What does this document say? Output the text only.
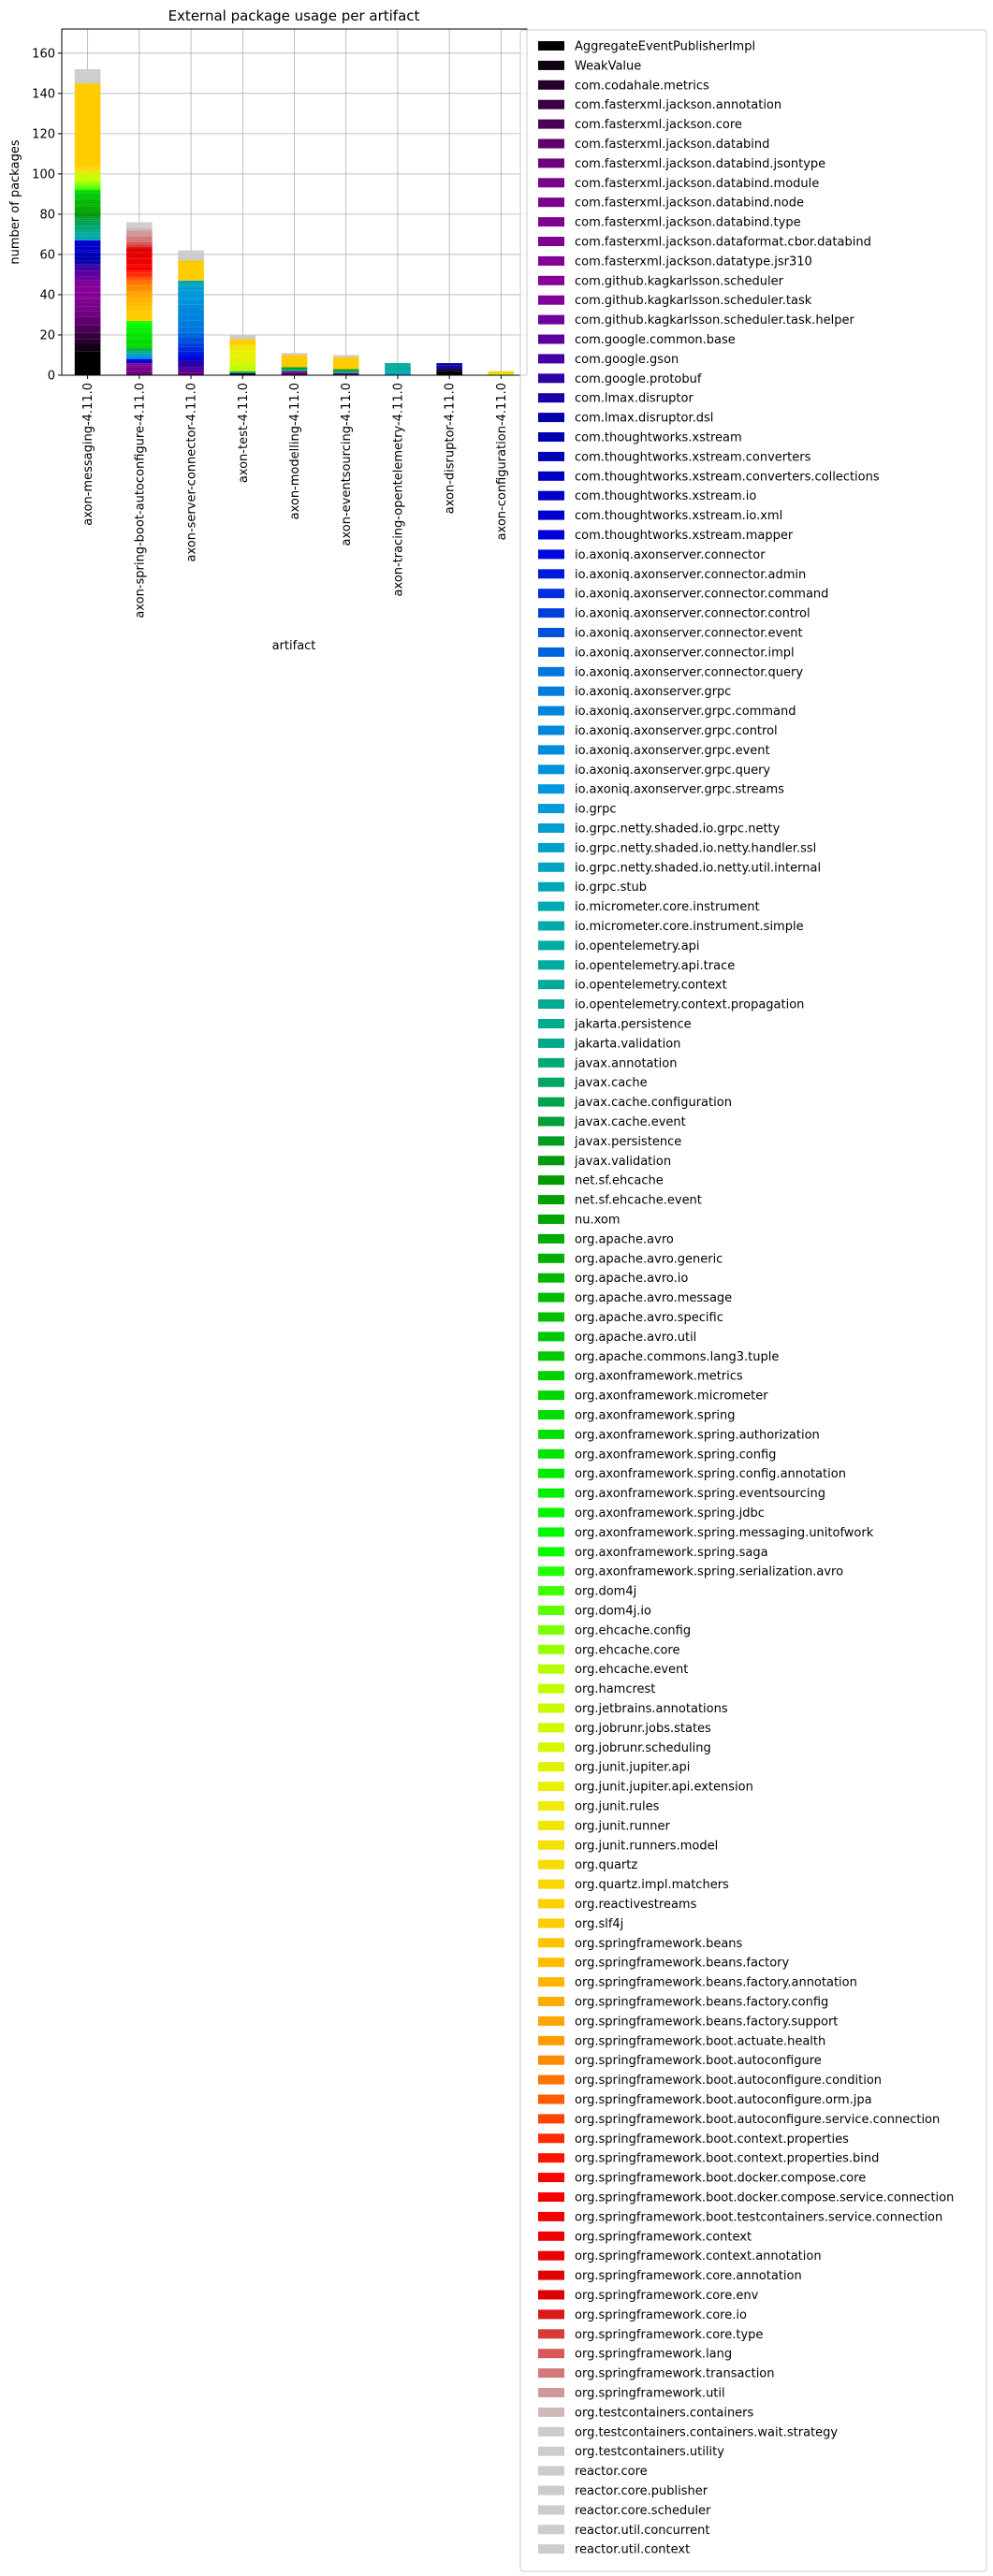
0
20
40
60
80
100
120
140
160
axon-messaging-4.11.0	axon-spring-boot-autoconfigure-4.11.0	axon-server-connector-4.11.0	axon-test-4.11.0	axon-modelling-4.11.0	axon-eventsourcing-4.11.0	axon-tracing-opentelemetry-4.11.0	axon-disruptor-4.11.0	axon-configuration-4.11.0
External package usage per artifact
artifact
number of packages
AggregateEventPublisherImpl
WeakValue
com.codahale.metrics
com.fasterxml.jackson.annotation
com.fasterxml.jackson.core
com.fasterxml.jackson.databind
com.fasterxml.jackson.databind.jsontype
com.fasterxml.jackson.databind.module
com.fasterxml.jackson.databind.node
com.fasterxml.jackson.databind.type
com.fasterxml.jackson.dataformat.cbor.databind
com.fasterxml.jackson.datatype.jsr310
com.github.kagkarlsson.scheduler
com.github.kagkarlsson.scheduler.task
com.github.kagkarlsson.scheduler.task.helper
com.google.common.base
com.google.gson
com.google.protobuf
com.lmax.disruptor
com.lmax.disruptor.dsl
com.thoughtworks.xstream
com.thoughtworks.xstream.converters
com.thoughtworks.xstream.converters.collections
com.thoughtworks.xstream.io
com.thoughtworks.xstream.io.xml
com.thoughtworks.xstream.mapper
io.axoniq.axonserver.connector
io.axoniq.axonserver.connector.admin
io.axoniq.axonserver.connector.command
io.axoniq.axonserver.connector.control
io.axoniq.axonserver.connector.event
io.axoniq.axonserver.connector.impl
io.axoniq.axonserver.connector.query
io.axoniq.axonserver.grpc
io.axoniq.axonserver.grpc.command
io.axoniq.axonserver.grpc.control
io.axoniq.axonserver.grpc.event
io.axoniq.axonserver.grpc.query
io.axoniq.axonserver.grpc.streams
io.grpc
io.grpc.netty.shaded.io.grpc.netty
io.grpc.netty.shaded.io.netty.handler.ssl
io.grpc.netty.shaded.io.netty.util.internal
io.grpc.stub
io.micrometer.core.instrument
io.micrometer.core.instrument.simple
io.opentelemetry.api
io.opentelemetry.api.trace
io.opentelemetry.context
io.opentelemetry.context.propagation
jakarta.persistence
jakarta.validation
javax.annotation
javax.cache
javax.cache.configuration
javax.cache.event
javax.persistence
javax.validation
net.sf.ehcache
net.sf.ehcache.event
nu.xom
org.apache.avro
org.apache.avro.generic
org.apache.avro.io
org.apache.avro.message
org.apache.avro.specific
org.apache.avro.util
org.apache.commons.lang3.tuple
org.axonframework.metrics
org.axonframework.micrometer
org.axonframework.spring
org.axonframework.spring.authorization
org.axonframework.spring.config
org.axonframework.spring.config.annotation
org.axonframework.spring.eventsourcing
org.axonframework.spring.jdbc
org.axonframework.spring.messaging.unitofwork
org.axonframework.spring.saga
org.axonframework.spring.serialization.avro
org.dom4j
org.dom4j.io
org.ehcache.config
org.ehcache.core
org.ehcache.event
org.hamcrest
org.jetbrains.annotations
org.jobrunr.jobs.states
org.jobrunr.scheduling
org.junit.jupiter.api
org.junit.jupiter.api.extension
org.junit.rules
org.junit.runner
org.junit.runners.model
org.quartz
org.quartz.impl.matchers
org.reactivestreams
org.slf4j
org.springframework.beans
org.springframework.beans.factory
org.springframework.beans.factory.annotation
org.springframework.beans.factory.config
org.springframework.beans.factory.support
org.springframework.boot.actuate.health
org.springframework.boot.autoconfigure
org.springframework.boot.autoconfigure.condition
org.springframework.boot.autoconfigure.orm.jpa
org.springframework.boot.autoconfigure.service.connection
org.springframework.boot.context.properties
org.springframework.boot.context.properties.bind
org.springframework.boot.docker.compose.core
org.springframework.boot.docker.compose.service.connection
org.springframework.boot.testcontainers.service.connection
org.springframework.context
org.springframework.context.annotation
org.springframework.core.annotation
org.springframework.core.env
org.springframework.core.io
org.springframework.core.type
org.springframework.lang
org.springframework.transaction
org.springframework.util
org.testcontainers.containers
org.testcontainers.containers.wait.strategy
org.testcontainers.utility
reactor.core
reactor.core.publisher
reactor.core.scheduler
reactor.util.concurrent
reactor.util.context
